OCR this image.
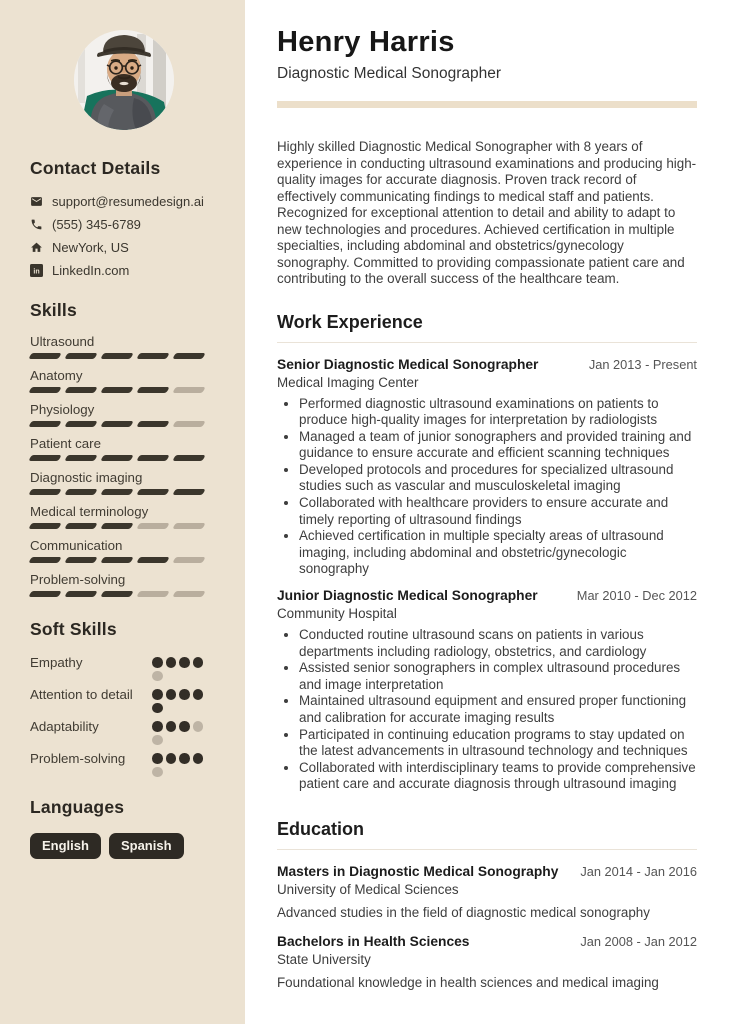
Contact Details
support@resumedesign.ai
(555) 345-6789
NewYork, US
in LinkedIn.com
Skills
Ultrasound
Anatomy
Physiology
Patient care
Diagnostic imaging
Medical terminology
Communication
Problem-solving
Soft Skills
Empathy
Attention to detail
Adaptability
Problem-solving
Languages
English	Spanish
Henry Harris
Diagnostic Medical Sonographer

Highly skilled Diagnostic Medical Sonographer with 8 years of experience in conducting ultrasound examinations and producing high-quality images for accurate diagnosis. Proven track record of effectively communicating findings to medical staff and patients. Recognized for exceptional attention to detail and ability to adapt to new technologies and procedures. Achieved certification in multiple specialties, including abdominal and obstetrics/gynecology sonography. Committed to providing compassionate patient care and contributing to the overall success of the healthcare team.

Work Experience
Senior Diagnostic Medical Sonographer	Jan 2013 - Present
Medical Imaging Center
• Performed diagnostic ultrasound examinations on patients to produce high-quality images for interpretation by radiologists
• Managed a team of junior sonographers and provided training and guidance to ensure accurate and efficient scanning techniques
• Developed protocols and procedures for specialized ultrasound studies such as vascular and musculoskeletal imaging
• Collaborated with healthcare providers to ensure accurate and timely reporting of ultrasound findings
• Achieved certification in multiple specialty areas of ultrasound imaging, including abdominal and obstetric/gynecologic sonography
Junior Diagnostic Medical Sonographer	Mar 2010 - Dec 2012
Community Hospital
• Conducted routine ultrasound scans on patients in various departments including radiology, obstetrics, and cardiology
• Assisted senior sonographers in complex ultrasound procedures and image interpretation
• Maintained ultrasound equipment and ensured proper functioning and calibration for accurate imaging results
• Participated in continuing education programs to stay updated on the latest advancements in ultrasound technology and techniques
• Collaborated with interdisciplinary teams to provide comprehensive patient care and accurate diagnosis through ultrasound imaging
Education
Masters in Diagnostic Medical Sonography Jan 2014 - Jan 2016
University of Medical Sciences
Advanced studies in the field of diagnostic medical sonography
Bachelors in Health Sciences	Jan 2008 - Jan 2012
State University
Foundational knowledge in health sciences and medical imaging
